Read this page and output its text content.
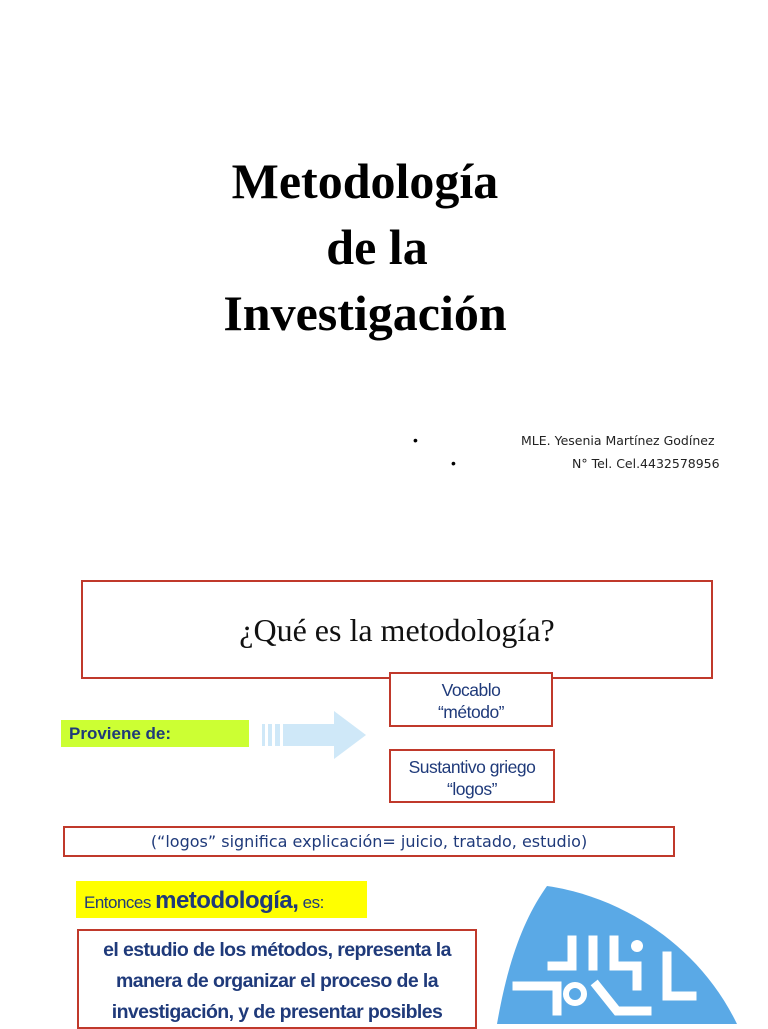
Metodología
de la
Investigación
•
•
MLE. Yesenia Martínez Godínez
N° Tel. Cel.4432578956
¿Qué es la metodología?
Vocablo
“método”
Proviene de:
Sustantivo griego
“logos”
(“logos” significa explicación= juicio, tratado, estudio)
Entonces metodología, es:
el estudio de los métodos, representa la
manera de organizar el proceso de la
investigación, y de presentar posibles
